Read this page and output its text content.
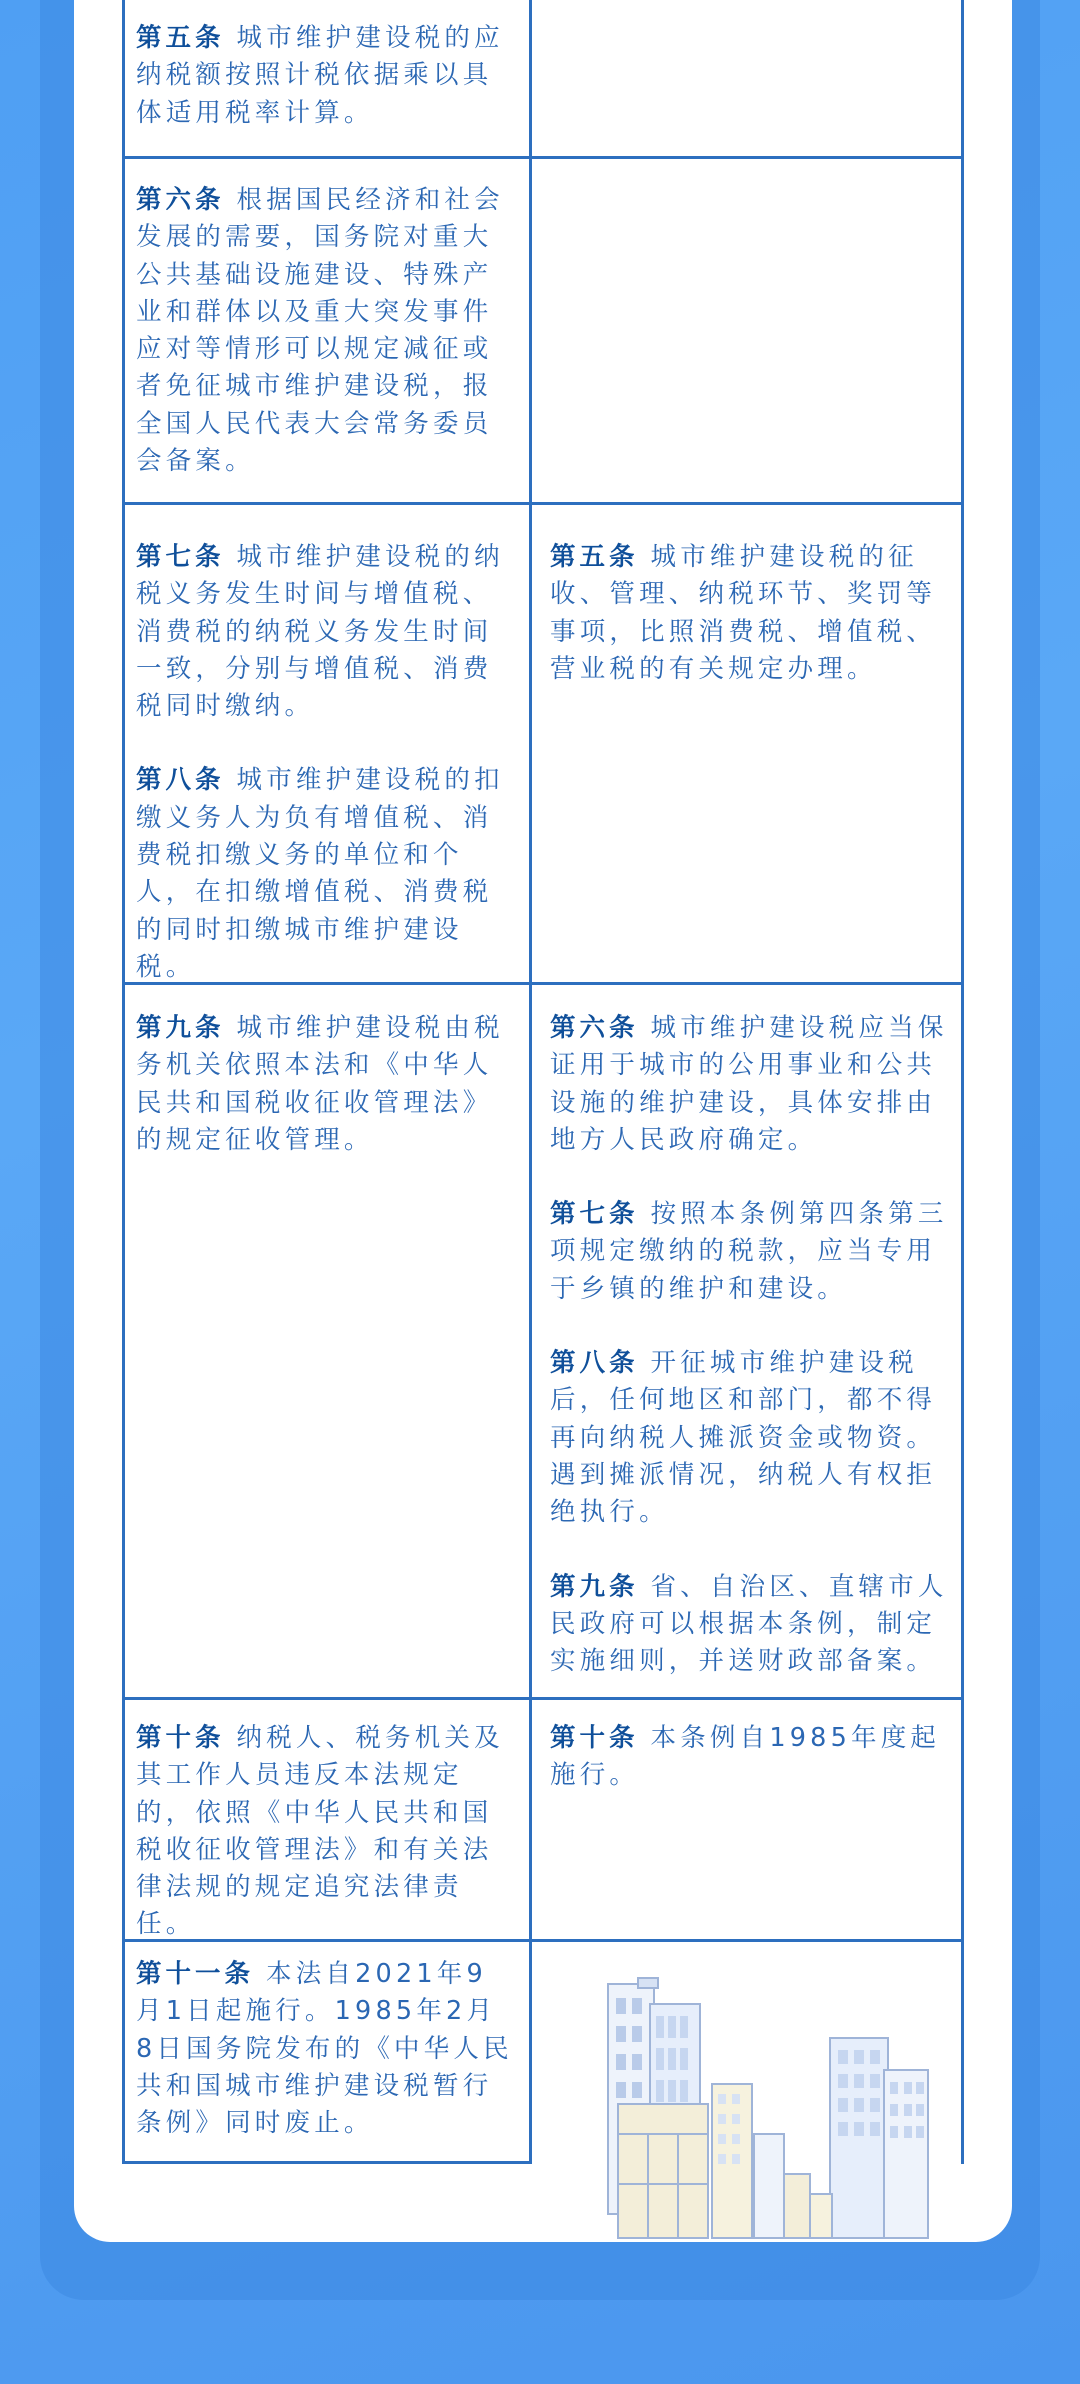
第五条 城市维护建设税的应纳税额按照计税依据乘以具体适用税率计算。

第六条 根据国民经济和社会发展的需要，国务院对重大公共基础设施建设、特殊产业和群体以及重大突发事件应对等情形可以规定减征或者免征城市维护建设税，报全国人民代表大会常务委员会备案。

第七条 城市维护建设税的纳税义务发生时间与增值税、消费税的纳税义务发生时间一致，分别与增值税、消费税同时缴纳。

第八条 城市维护建设税的扣缴义务人为负有增值税、消费税扣缴义务的单位和个人，在扣缴增值税、消费税的同时扣缴城市维护建设税。

第九条 城市维护建设税由税务机关依照本法和《中华人民共和国税收征收管理法》的规定征收管理。

第十条 纳税人、税务机关及其工作人员违反本法规定的，依照《中华人民共和国税收征收管理法》和有关法律法规的规定追究法律责任。

第十一条 本法自2021年9月1日起施行。1985年2月8日国务院发布的《中华人民共和国城市维护建设税暂行条例》同时废止。

第五条 城市维护建设税的征收、管理、纳税环节、奖罚等事项，比照消费税、增值税、营业税的有关规定办理。

第六条 城市维护建设税应当保证用于城市的公用事业和公共设施的维护建设，具体安排由地方人民政府确定。

第七条 按照本条例第四条第三项规定缴纳的税款，应当专用于乡镇的维护和建设。

第八条 开征城市维护建设税后，任何地区和部门，都不得再向纳税人摊派资金或物资。遇到摊派情况，纳税人有权拒绝执行。

第九条 省、自治区、直辖市人民政府可以根据本条例，制定实施细则，并送财政部备案。

第十条 本条例自1985年度起施行。
